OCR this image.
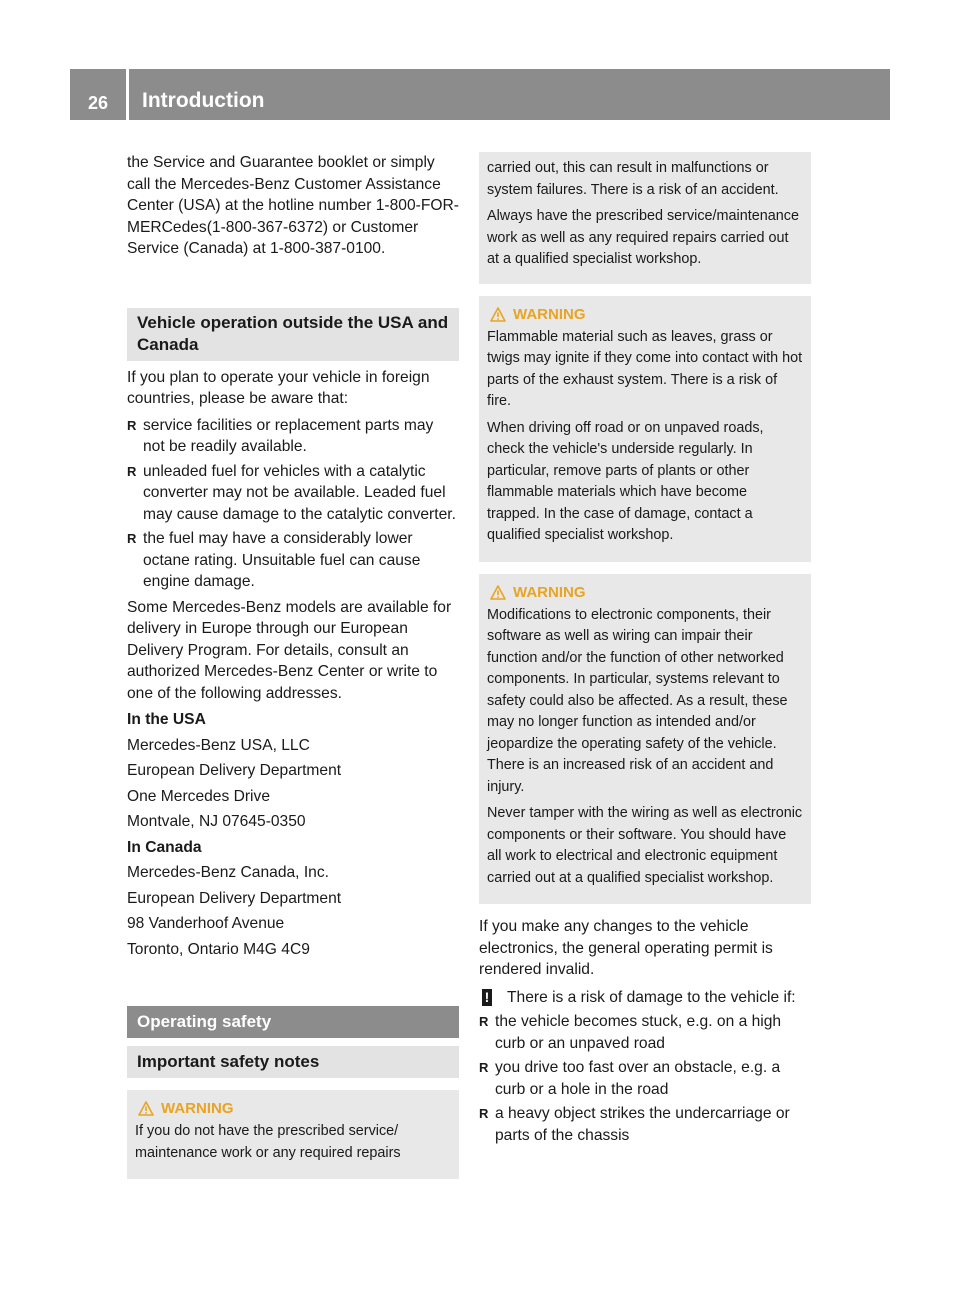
26	Introduction

the Service and Guarantee booklet or simply call the Mercedes-Benz Customer Assistance Center (USA) at the hotline number 1-800-FOR-MERCedes(1-800-367-6372) or Customer Service (Canada) at 1-800-387-0100.

Vehicle operation outside the USA and Canada

If you plan to operate your vehicle in foreign countries, please be aware that:

R service facilities or replacement parts may not be readily available.
R unleaded fuel for vehicles with a catalytic converter may not be available. Leaded fuel may cause damage to the catalytic converter.
R the fuel may have a considerably lower octane rating. Unsuitable fuel can cause engine damage.

Some Mercedes-Benz models are available for delivery in Europe through our European Delivery Program. For details, consult an authorized Mercedes-Benz Center or write to one of the following addresses.

In the USA

Mercedes-Benz USA, LLC

European Delivery Department

One Mercedes Drive

Montvale, NJ 07645-0350

In Canada

Mercedes-Benz Canada, Inc.

European Delivery Department

98 Vanderhoof Avenue

Toronto, Ontario M4G 4C9

Operating safety
Important safety notes
WARNING

If you do not have the prescribed service/ maintenance work or any required repairs

carried out, this can result in malfunctions or system failures. There is a risk of an accident.

Always have the prescribed service/maintenance work as well as any required repairs carried out at a qualified specialist workshop.

WARNING

Flammable material such as leaves, grass or twigs may ignite if they come into contact with hot parts of the exhaust system. There is a risk of fire.

When driving off road or on unpaved roads, check the vehicle's underside regularly. In particular, remove parts of plants or other flammable materials which have become trapped. In the case of damage, contact a qualified specialist workshop.

WARNING

Modifications to electronic components, their software as well as wiring can impair their function and/or the function of other networked components. In particular, systems relevant to safety could also be affected. As a result, these may no longer function as intended and/or jeopardize the operating safety of the vehicle. There is an increased risk of an accident and injury.

Never tamper with the wiring as well as electronic components or their software. You should have all work to electrical and electronic equipment carried out at a qualified specialist workshop.

If you make any changes to the vehicle electronics, the general operating permit is rendered invalid.

! There is a risk of damage to the vehicle if:
R the vehicle becomes stuck, e.g. on a high curb or an unpaved road
R you drive too fast over an obstacle, e.g. a curb or a hole in the road
R a heavy object strikes the undercarriage or parts of the chassis
